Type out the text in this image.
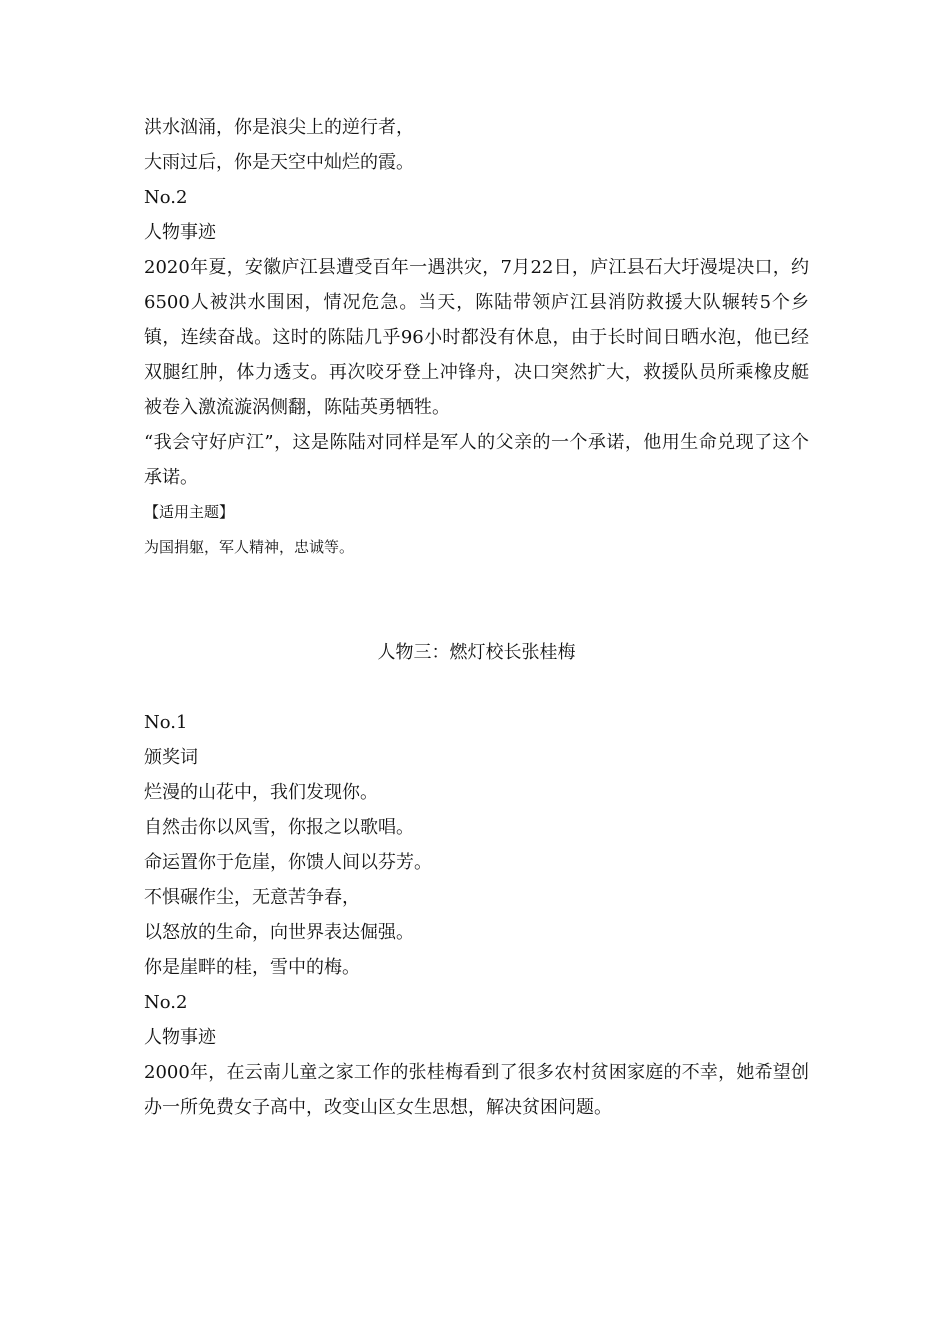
洪水汹涌，你是浪尖上的逆行者，

大雨过后，你是天空中灿烂的霞。

No.2

人物事迹

2020年夏，安徽庐江县遭受百年一遇洪灾，7月22日，庐江县石大圩漫堤决口，约6500人被洪水围困，情况危急。当天，陈陆带领庐江县消防救援大队辗转5个乡镇，连续奋战。这时的陈陆几乎96小时都没有休息，由于长时间日晒水泡，他已经双腿红肿，体力透支。再次咬牙登上冲锋舟，决口突然扩大，救援队员所乘橡皮艇被卷入激流漩涡侧翻，陈陆英勇牺牲。

“我会守好庐江”，这是陈陆对同样是军人的父亲的一个承诺，他用生命兑现了这个承诺。

【适用主题】

为国捐躯，军人精神，忠诚等。

人物三：燃灯校长张桂梅

No.1

颁奖词

烂漫的山花中，我们发现你。

自然击你以风雪，你报之以歌唱。

命运置你于危崖，你馈人间以芬芳。

不惧碾作尘，无意苦争春，

以怒放的生命，向世界表达倔强。

你是崖畔的桂，雪中的梅。

No.2

人物事迹

2000年，在云南儿童之家工作的张桂梅看到了很多农村贫困家庭的不幸，她希望创办一所免费女子高中，改变山区女生思想，解决贫困问题。
